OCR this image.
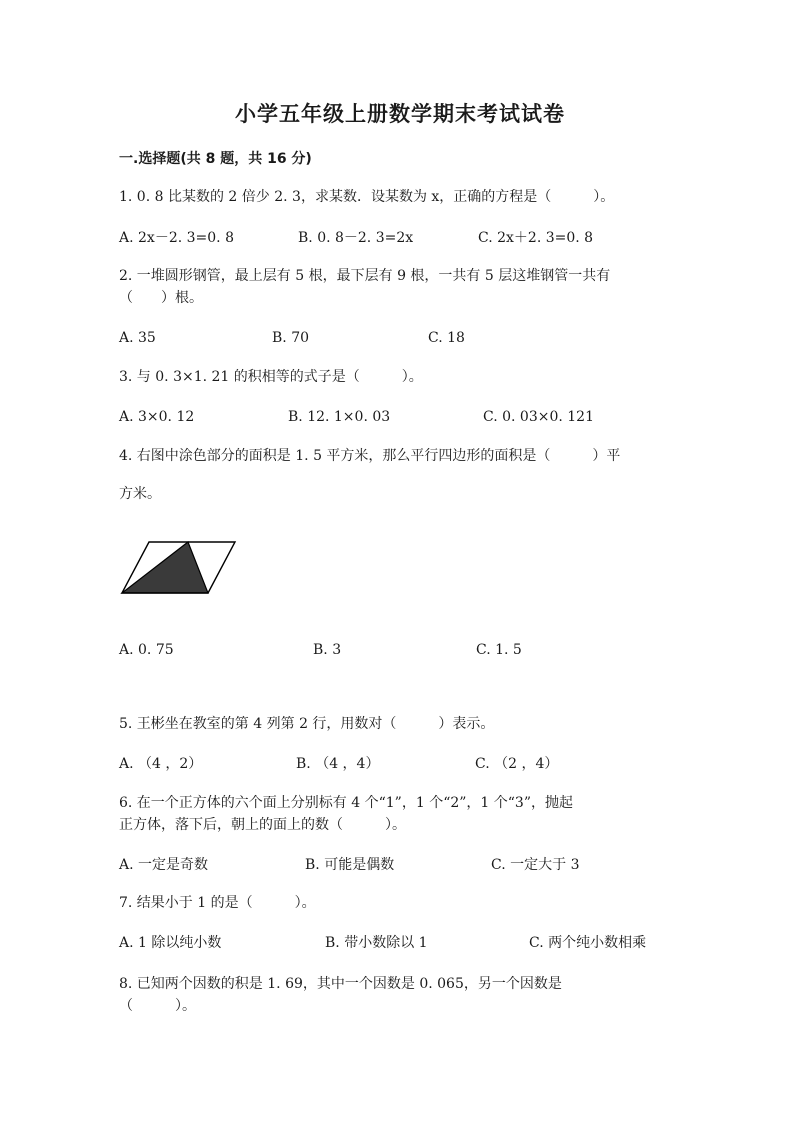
小学五年级上册数学期末考试试卷
一.选择题(共 8 题，共 16 分)
1. 0. 8 比某数的 2 倍少 2. 3，求某数．设某数为 x，正确的方程是（　　　）。
A. 2x－2. 3=0. 8	B. 0. 8－2. 3=2x	C. 2x＋2. 3=0. 8
2. 一堆圆形钢管，最上层有 5 根，最下层有 9 根，一共有 5 层这堆钢管一共有
（　　）根。
A. 35	B. 70	C. 18
3. 与 0. 3×1. 21 的积相等的式子是（　　　）。
A. 3×0. 12	B. 12. 1×0. 03	C. 0. 03×0. 121
4. 右图中涂色部分的面积是 1. 5 平方米，那么平行四边形的面积是（　　　）平
方米。
A. 0. 75	B. 3	C. 1. 5
5. 王彬坐在教室的第 4 列第 2 行，用数对（　　　）表示。
A. （4 ，2）	B. （4 ，4）	C. （2 ，4）
6. 在一个正方体的六个面上分别标有 4 个“1”，1 个“2”，1 个“3”，抛起
正方体，落下后，朝上的面上的数（　　　）。
A. 一定是奇数	B. 可能是偶数	C. 一定大于 3
7. 结果小于 1 的是（　　　）。
A. 1 除以纯小数	B. 带小数除以 1	C. 两个纯小数相乘
8. 已知两个因数的积是 1. 69，其中一个因数是 0. 065，另一个因数是
（　　　）。
